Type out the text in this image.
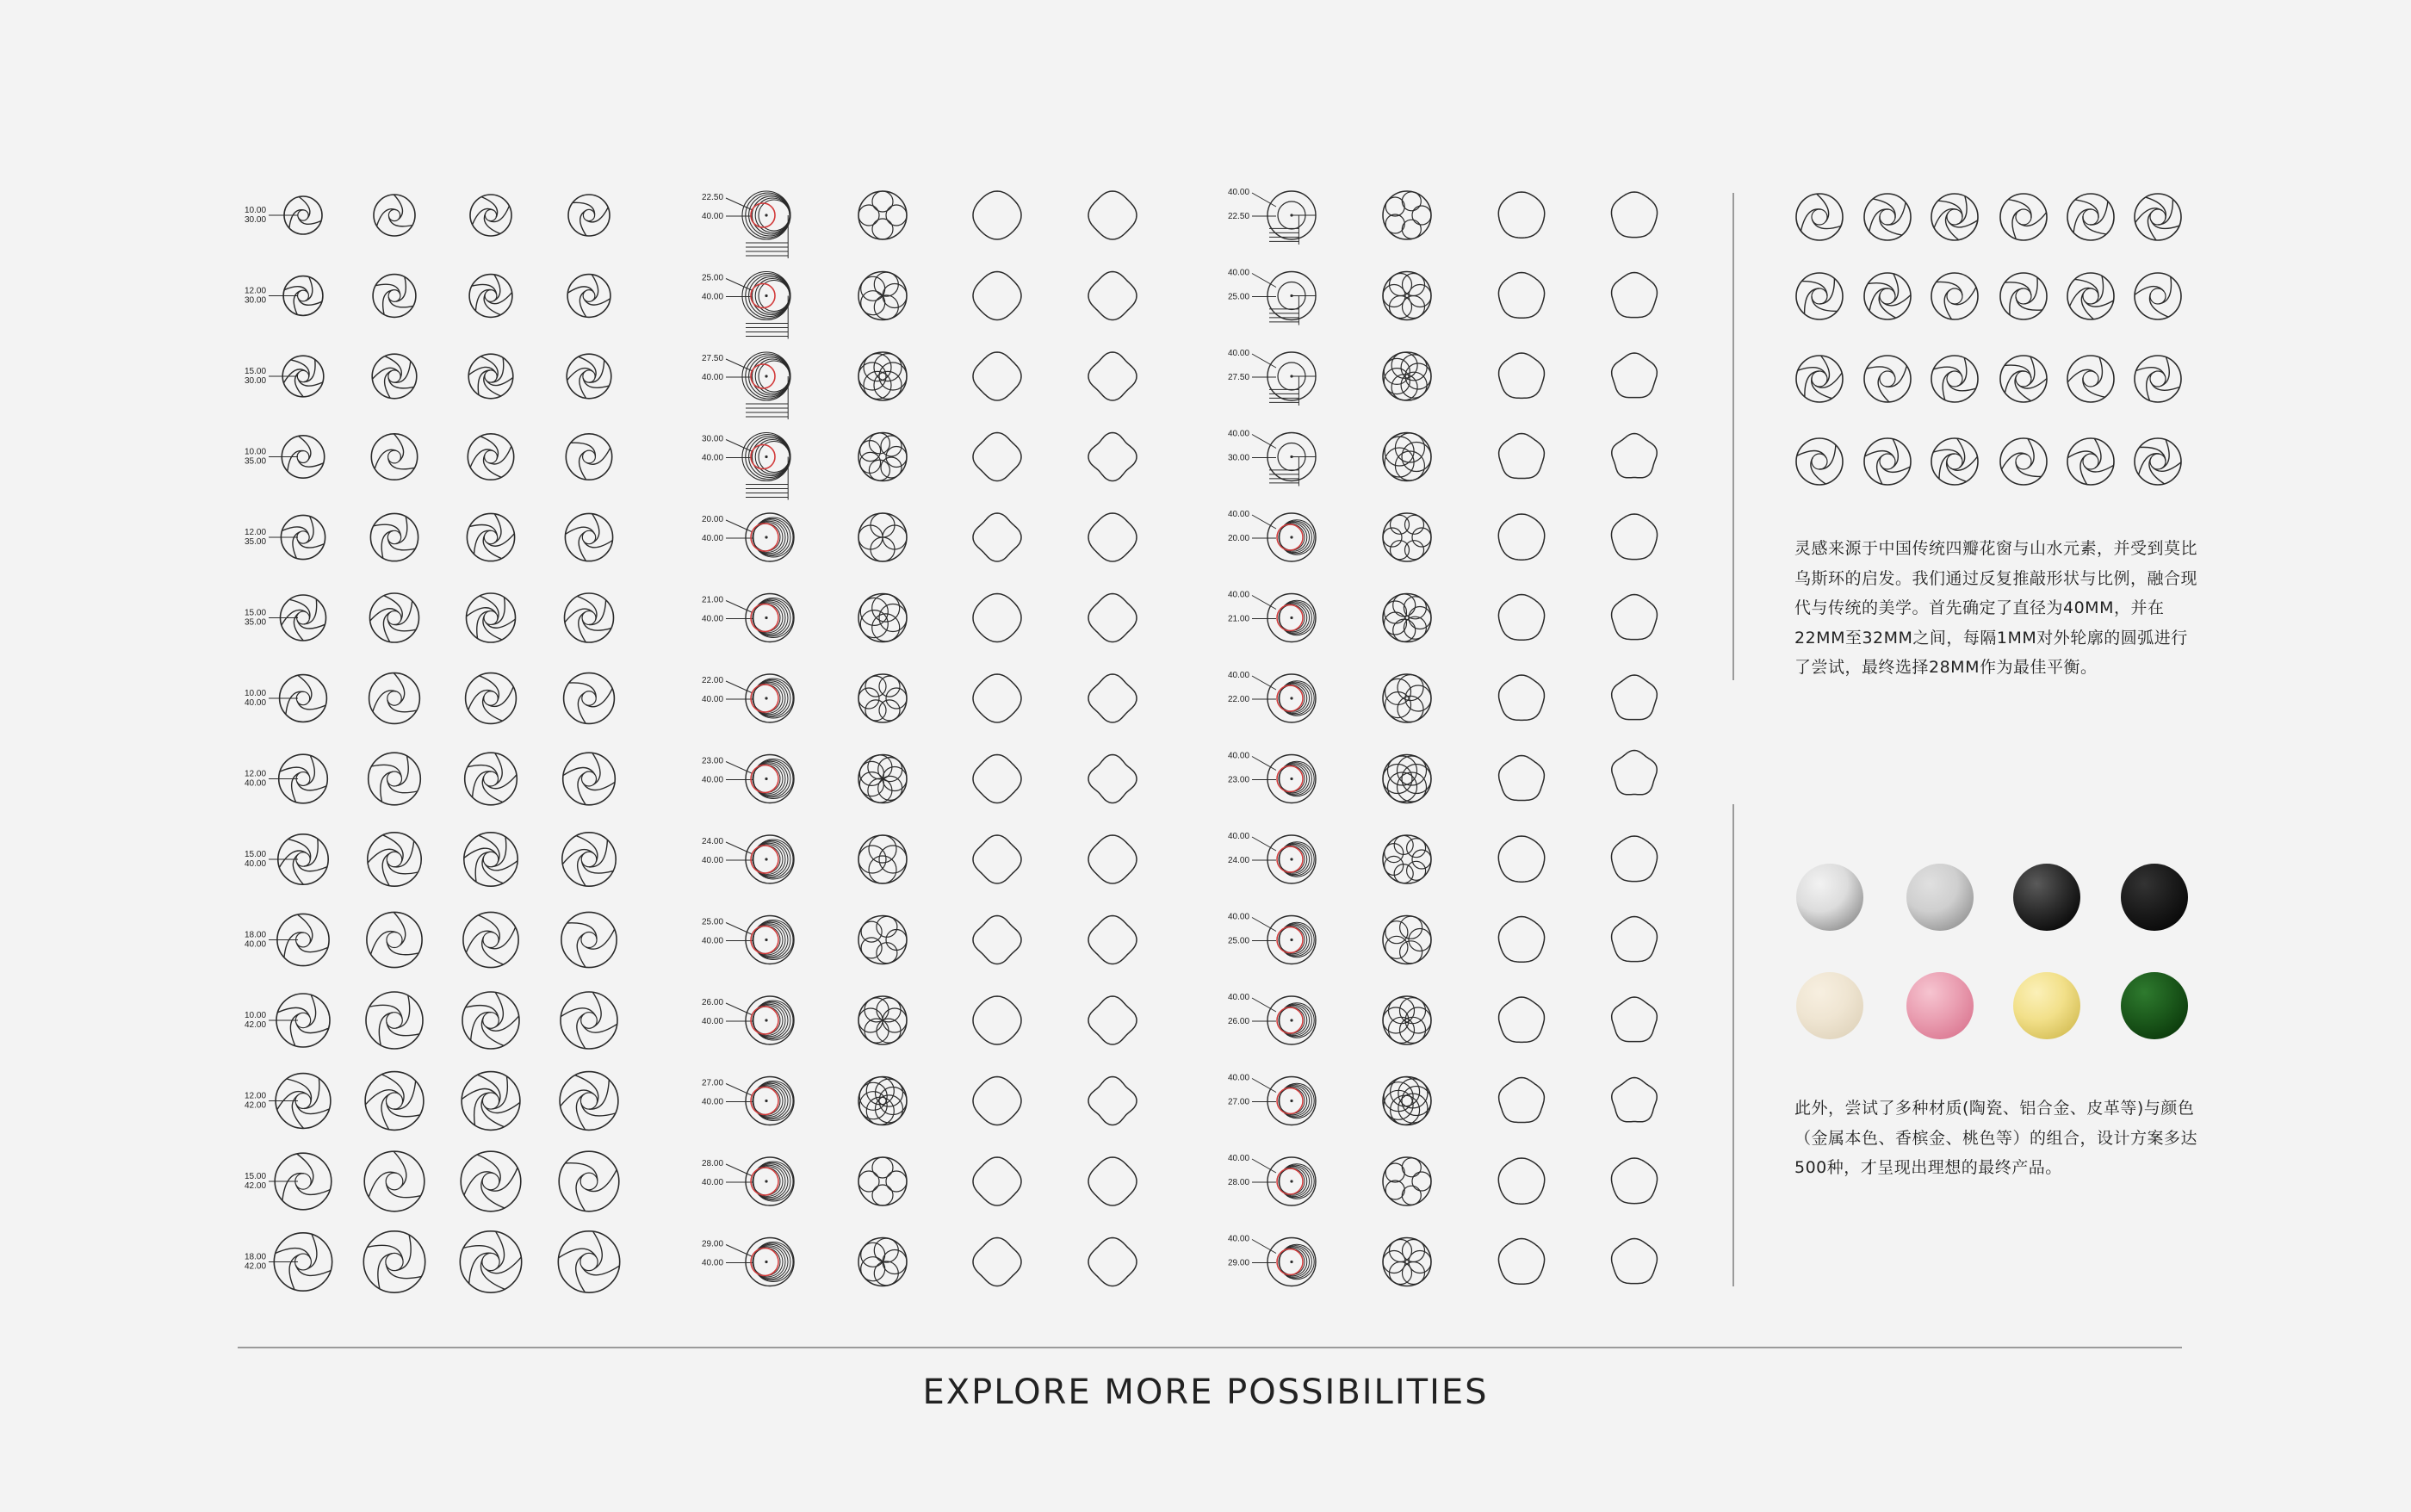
10.00
30.00
12.00
30.00
15.00
30.00
10.00
35.00
12.00
35.00
15.00
35.00
10.00
40.00
12.00
40.00
15.00
40.00
18.00
40.00
10.00
42.00
12.00
42.00
15.00
42.00
18.00
42.00
22.50
40.00
25.00
40.00
27.50
40.00
30.00
40.00
20.00
40.00
21.00
40.00
22.00
40.00
23.00
40.00
24.00
40.00
25.00
40.00
26.00
40.00
27.00
40.00
28.00
40.00
29.00
40.00
40.00
22.50
40.00
25.00
40.00
27.50
40.00
30.00
40.00
20.00
40.00
21.00
40.00
22.00
40.00
23.00
40.00
24.00
40.00
25.00
40.00
26.00
40.00
27.00
40.00
28.00
40.00
29.00
灵感来源于中国传统四瓣花窗与山水元素，并受到莫比乌斯环的启发。我们通过反复推敲形状与比例，融合现代与传统的美学。首先确定了直径为40MM，并在22MM至32MM之间，每隔1MM对外轮廓的圆弧进行了尝试，最终选择28MM作为最佳平衡。
此外，尝试了多种材质(陶瓷、铝合金、皮革等)与颜色（金属本色、香槟金、桃色等）的组合，设计方案多达500种，才呈现出理想的最终产品。
EXPLORE MORE POSSIBILITIES
